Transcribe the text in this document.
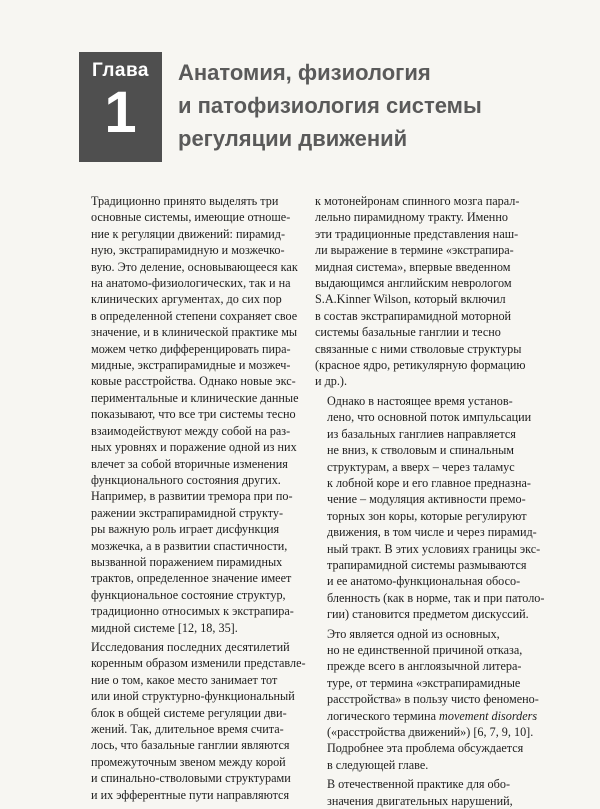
Глава
1
Анатомия, физиология
и патофизиология системы
регуляции движений

Традиционно принято выделять три
основные системы, имеющие отноше-
ние к регуляции движений: пирамид-
ную, экстрапирамидную и мозжечко-
вую. Это деление, основывающееся как
на анатомо-физиологических, так и на
клинических аргументах, до сих пор
в определенной степени сохраняет свое
значение, и в клинической практике мы
можем четко дифференцировать пира-
мидные, экстрапирамидные и мозжеч-
ковые расстройства. Однако новые экс-
периментальные и клинические данные
показывают, что все три системы тесно
взаимодействуют между собой на раз-
ных уровнях и поражение одной из них
влечет за собой вторичные изменения
функционального состояния других.
Например, в развитии тремора при по-
ражении экстрапирамидной структу-
ры важную роль играет дисфункция
мозжечка, а в развитии спастичности,
вызванной поражением пирамидных
трактов, определенное значение имеет
функциональное состояние структур,
традиционно относимых к экстрапира-
мидной системе [12, 18, 35].

Исследования последних десятилетий
коренным образом изменили представле-
ние о том, какое место занимает тот
или иной структурно-функциональный
блок в общей системе регуляции дви-
жений. Так, длительное время счита-
лось, что базальные ганглии являются
промежуточным звеном между корой
и спинально-стволовыми структурами
и их эфферентные пути направляются

к мотонейронам спинного мозга парал-
лельно пирамидному тракту. Именно
эти традиционные представления наш-
ли выражение в термине «экстрапира-
мидная система», впервые введенном
выдающимся английским неврологом
S.A.Kinner Wilson, который включил
в состав экстрапирамидной моторной
системы базальные ганглии и тесно
связанные с ними стволовые структуры
(красное ядро, ретикулярную формацию
и др.).

Однако в настоящее время установ-
лено, что основной поток импульсации
из базальных ганглиев направляется
не вниз, к стволовым и спинальным
структурам, а вверх – через таламус
к лобной коре и его главное предназна-
чение – модуляция активности премо-
торных зон коры, которые регулируют
движения, в том числе и через пирамид-
ный тракт. В этих условиях границы экс-
трапирамидной системы размываются
и ее анатомо-функциональная обосо-
бленность (как в норме, так и при патоло-
гии) становится предметом дискуссий.

Это является одной из основных,
но не единственной причиной отказа,
прежде всего в англоязычной литера-
туре, от термина «экстрапирамидные
расстройства» в пользу чисто феномено-
логического термина movement disorders
(«расстройства движений») [6, 7, 9, 10].
Подробнее эта проблема обсуждается
в следующей главе.

В отечественной практике для обо-
значения двигательных нарушений,
